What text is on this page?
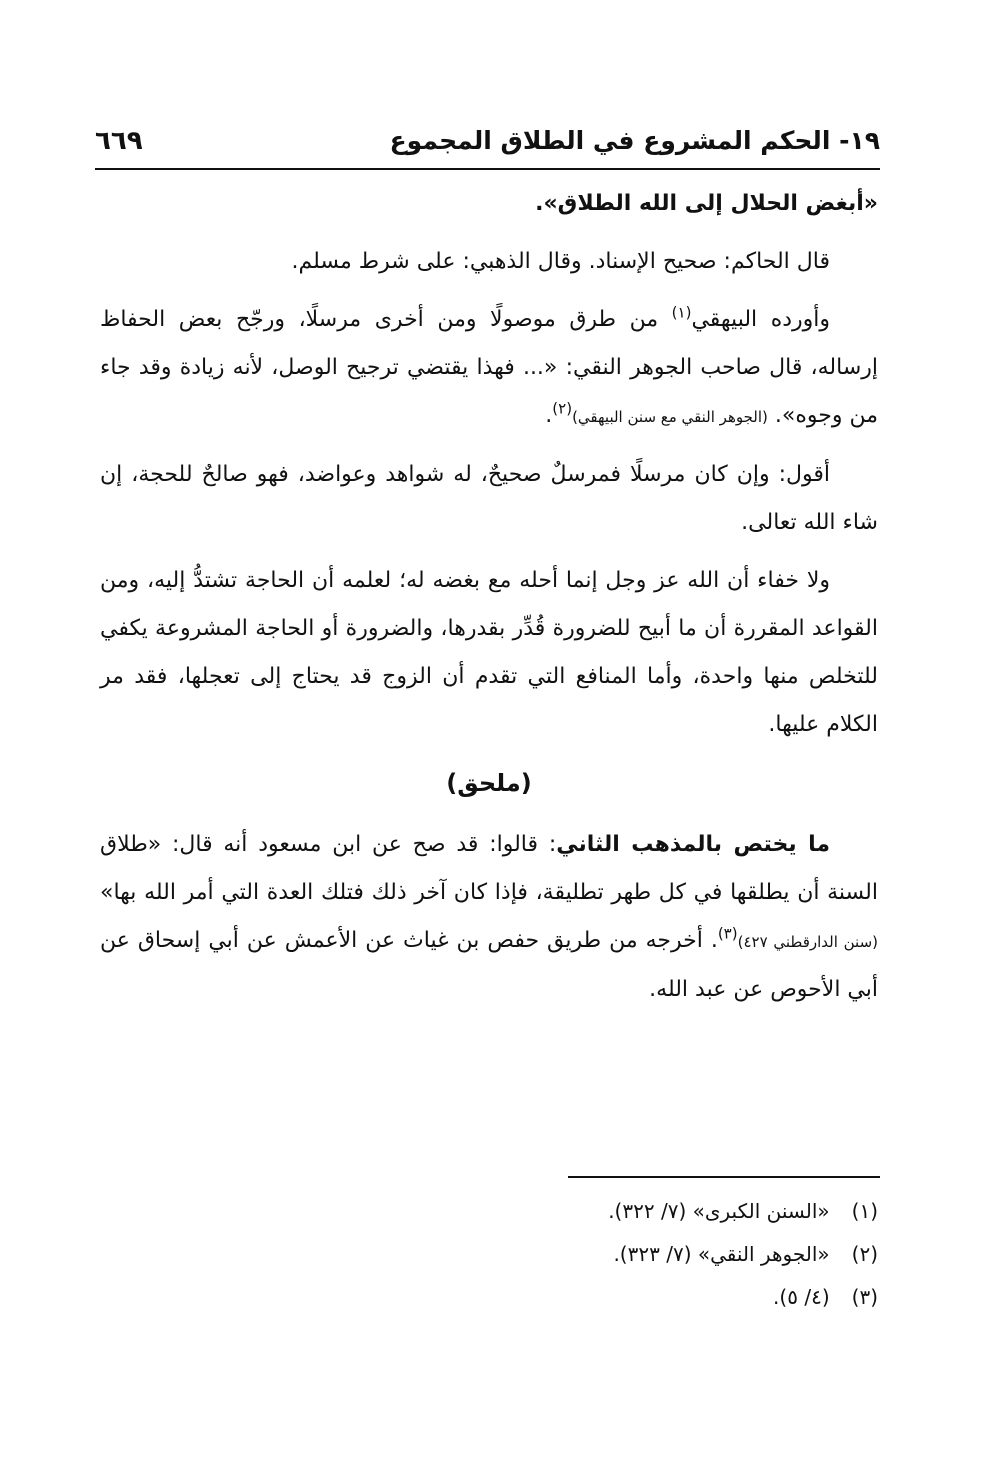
١٩- الحكم المشروع في الطلاق المجموع
٦٦٩

«أبغض الحلال إلى الله الطلاق».

قال الحاكم: صحيح الإسناد. وقال الذهبي: على شرط مسلم.

وأورده البيهقي$^{(١)}$ من طرق موصولًا ومن أخرى مرسلًا، ورجّح بعض الحفاظ إرساله، قال صاحب الجوهر النقي: «... فهذا يقتضي ترجيح الوصل، لأنه زيادة وقد جاء من وجوه». (الجوهر النقي مع سنن البيهقي)$^{(٢)}$.

أقول: وإن كان مرسلًا فمرسلٌ صحيحٌ، له شواهد وعواضد، فهو صالحٌ للحجة، إن شاء الله تعالى.

ولا خفاء أن الله عز وجل إنما أحله مع بغضه له؛ لعلمه أن الحاجة تشتدُّ إليه، ومن القواعد المقررة أن ما أبيح للضرورة قُدِّر بقدرها، والضرورة أو الحاجة المشروعة يكفي للتخلص منها واحدة، وأما المنافع التي تقدم أن الزوج قد يحتاج إلى تعجلها، فقد مر الكلام عليها.

(ملحق)

ما يختص بالمذهب الثاني: قالوا: قد صح عن ابن مسعود أنه قال: «طلاق السنة أن يطلقها في كل طهر تطليقة، فإذا كان آخر ذلك فتلك العدة التي أمر الله بها» (سنن الدارقطني ٤٢٧)$^{(٣)}$. أخرجه من طريق حفص بن غياث عن الأعمش عن أبي إسحاق عن أبي الأحوص عن عبد الله.

(١) «السنن الكبرى» (٧/ ٣٢٢).

(٢) «الجوهر النقي» (٧/ ٣٢٣).

(٣) (٤/ ٥).
